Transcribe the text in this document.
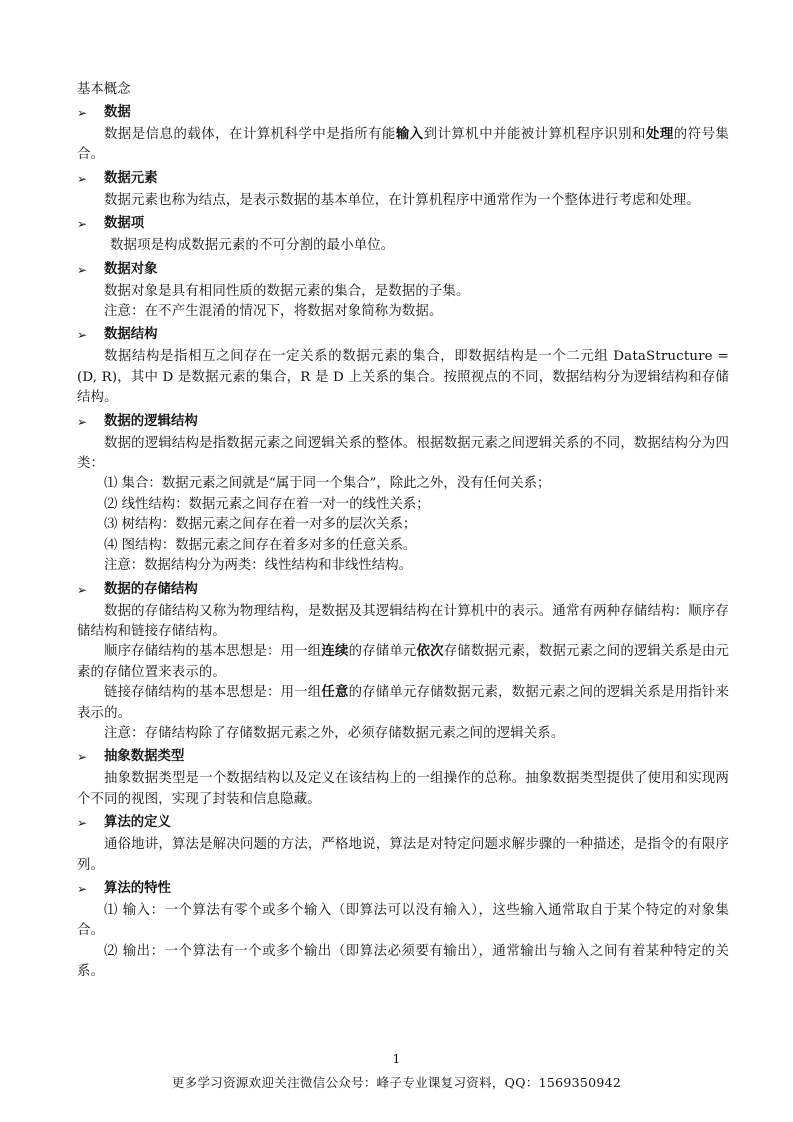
基本概念
➢ 数据

数据是信息的载体，在计算机科学中是指所有能输入到计算机中并能被计算机程序识别和处理的符号集合。

➢ 数据元素

数据元素也称为结点，是表示数据的基本单位，在计算机程序中通常作为一个整体进行考虑和处理。

➢ 数据项

数据项是构成数据元素的不可分割的最小单位。

➢ 数据对象

数据对象是具有相同性质的数据元素的集合，是数据的子集。

注意：在不产生混淆的情况下，将数据对象简称为数据。

➢ 数据结构

数据结构是指相互之间存在一定关系的数据元素的集合，即数据结构是一个二元组 DataStructure = (D, R)，其中 D 是数据元素的集合，R 是 D 上关系的集合。按照视点的不同，数据结构分为逻辑结构和存储结构。

➢ 数据的逻辑结构

数据的逻辑结构是指数据元素之间逻辑关系的整体。根据数据元素之间逻辑关系的不同，数据结构分为四类：

⑴ 集合：数据元素之间就是“属于同一个集合”，除此之外，没有任何关系；

⑵ 线性结构：数据元素之间存在着一对一的线性关系；

⑶ 树结构：数据元素之间存在着一对多的层次关系；

⑷ 图结构：数据元素之间存在着多对多的任意关系。

注意：数据结构分为两类：线性结构和非线性结构。

➢ 数据的存储结构

数据的存储结构又称为物理结构，是数据及其逻辑结构在计算机中的表示。通常有两种存储结构：顺序存储结构和链接存储结构。

顺序存储结构的基本思想是：用一组连续的存储单元依次存储数据元素，数据元素之间的逻辑关系是由元素的存储位置来表示的。

链接存储结构的基本思想是：用一组任意的存储单元存储数据元素，数据元素之间的逻辑关系是用指针来表示的。

注意：存储结构除了存储数据元素之外，必须存储数据元素之间的逻辑关系。

➢ 抽象数据类型

抽象数据类型是一个数据结构以及定义在该结构上的一组操作的总称。抽象数据类型提供了使用和实现两个不同的视图，实现了封装和信息隐藏。

➢ 算法的定义

通俗地讲，算法是解决问题的方法，严格地说，算法是对特定问题求解步骤的一种描述，是指令的有限序列。

➢ 算法的特性

⑴ 输入：一个算法有零个或多个输入（即算法可以没有输入），这些输入通常取自于某个特定的对象集合。

⑵ 输出：一个算法有一个或多个输出（即算法必须要有输出），通常输出与输入之间有着某种特定的关系。

1
更多学习资源欢迎关注微信公众号：峰子专业课复习资料，QQ：1569350942
